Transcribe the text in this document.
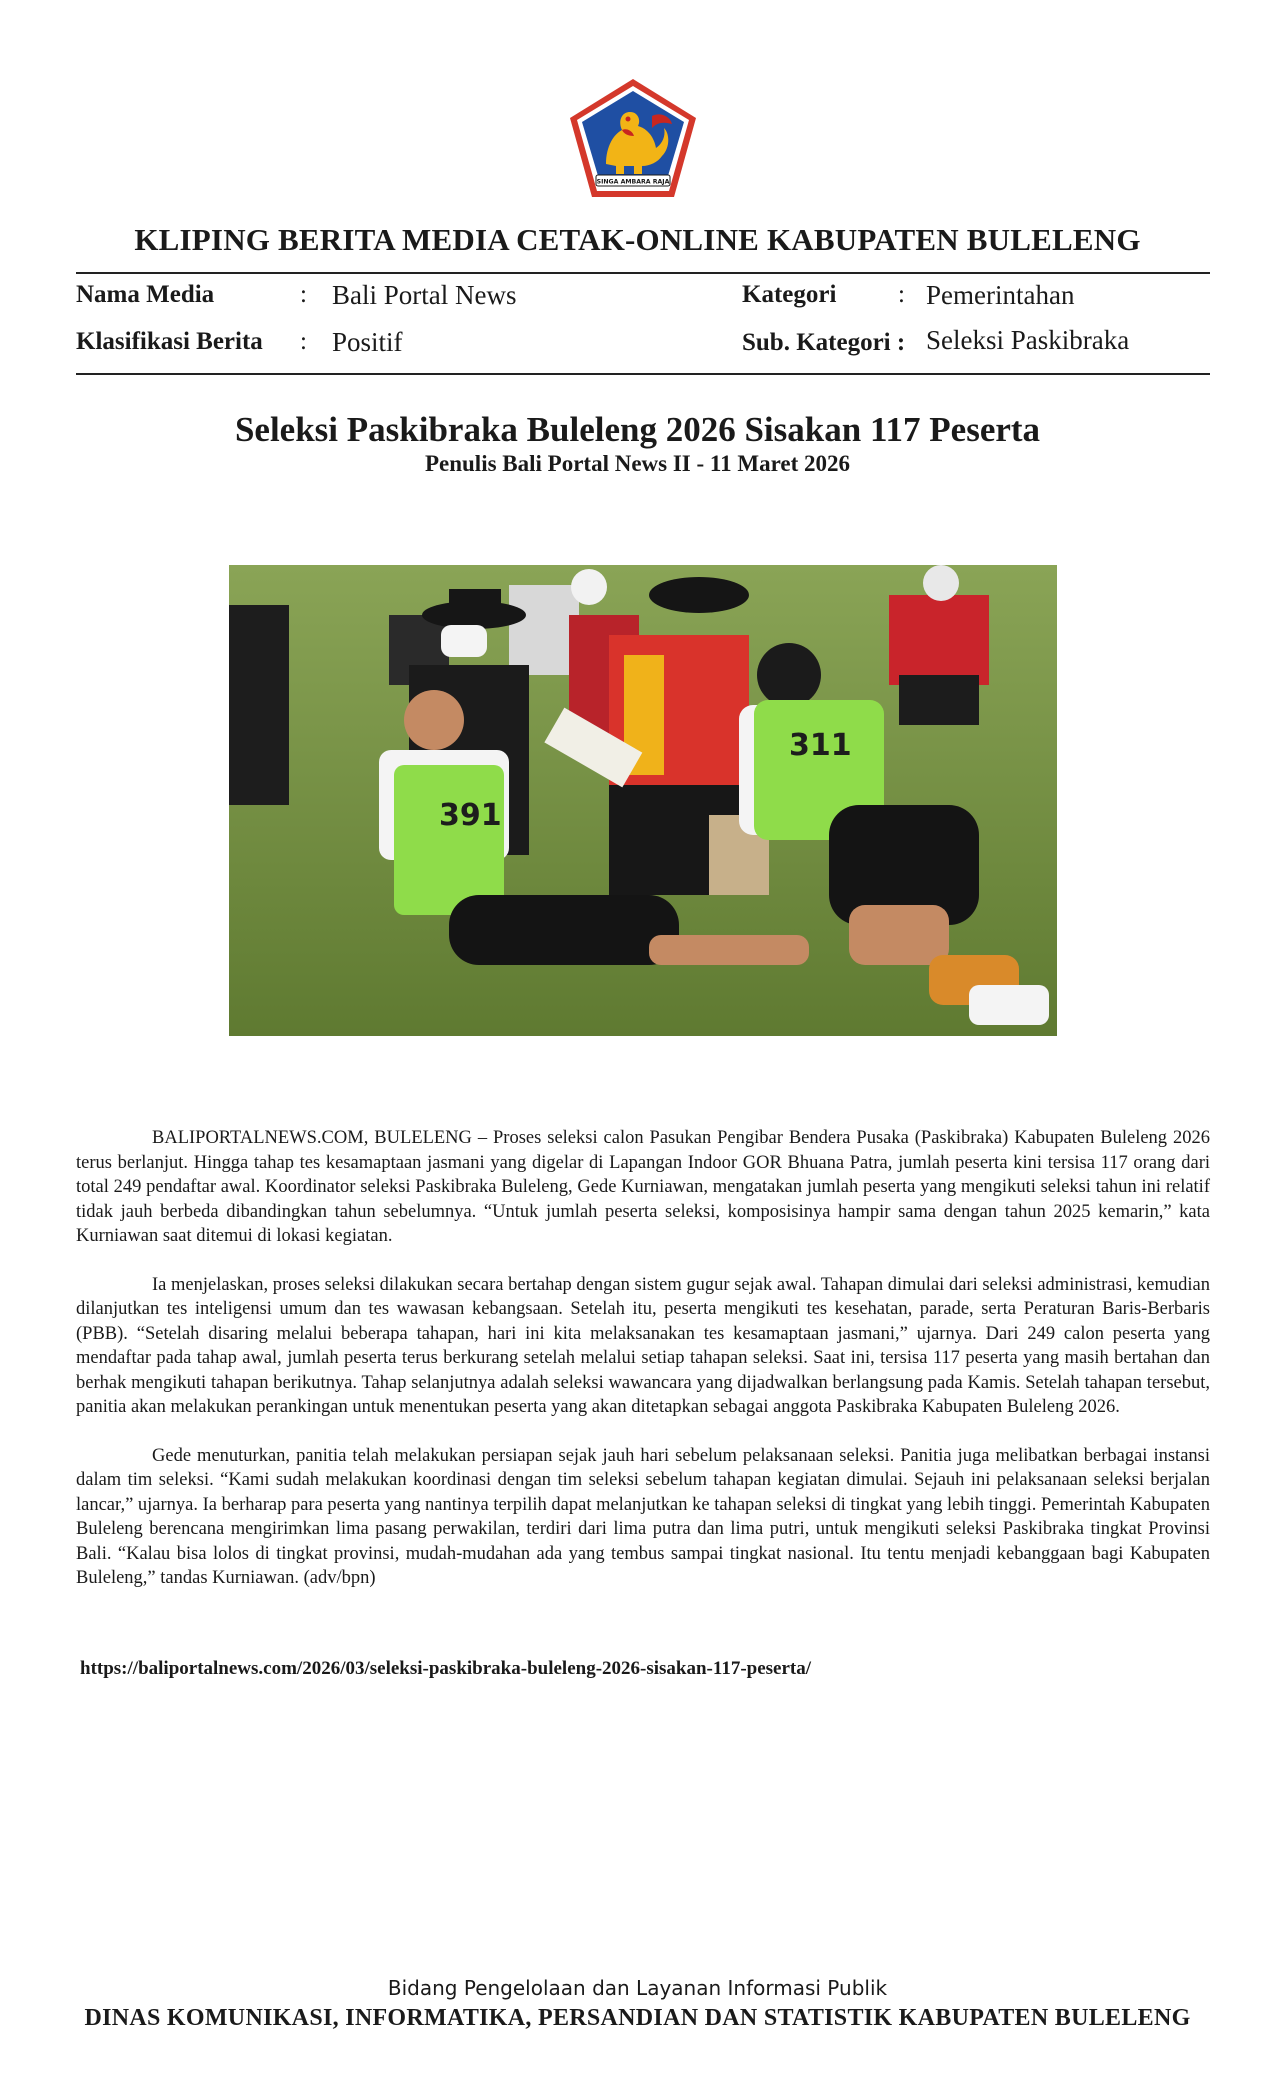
SINGA AMBARA RAJA
KLIPING BERITA MEDIA CETAK-ONLINE KABUPATEN BULELENG
Nama Media	: Bali Portal News	Kategori : Pemerintahan
Klasifikasi Berita : Positif	Sub. Kategori : Seleksi Paskibraka
Seleksi Paskibraka Buleleng 2026 Sisakan 117 Peserta
Penulis Bali Portal News II - 11 Maret 2026
391
311

BALIPORTALNEWS.COM, BULELENG – Proses seleksi calon Pasukan Pengibar Bendera Pusaka (Paskibraka) Kabupaten Buleleng 2026 terus berlanjut. Hingga tahap tes kesamaptaan jasmani yang digelar di Lapangan Indoor GOR Bhuana Patra, jumlah peserta kini tersisa 117 orang dari total 249 pendaftar awal. Koordinator seleksi Paskibraka Buleleng, Gede Kurniawan, mengatakan jumlah peserta yang mengikuti seleksi tahun ini relatif tidak jauh berbeda dibandingkan tahun sebelumnya. “Untuk jumlah peserta seleksi, komposisinya hampir sama dengan tahun 2025 kemarin,” kata Kurniawan saat ditemui di lokasi kegiatan.

Ia menjelaskan, proses seleksi dilakukan secara bertahap dengan sistem gugur sejak awal. Tahapan dimulai dari seleksi administrasi, kemudian dilanjutkan tes inteligensi umum dan tes wawasan kebangsaan. Setelah itu, peserta mengikuti tes kesehatan, parade, serta Peraturan Baris-Berbaris (PBB). “Setelah disaring melalui beberapa tahapan, hari ini kita melaksanakan tes kesamaptaan jasmani,” ujarnya. Dari 249 calon peserta yang mendaftar pada tahap awal, jumlah peserta terus berkurang setelah melalui setiap tahapan seleksi. Saat ini, tersisa 117 peserta yang masih bertahan dan berhak mengikuti tahapan berikutnya. Tahap selanjutnya adalah seleksi wawancara yang dijadwalkan berlangsung pada Kamis. Setelah tahapan tersebut, panitia akan melakukan perankingan untuk menentukan peserta yang akan ditetapkan sebagai anggota Paskibraka Kabupaten Buleleng 2026.

Gede menuturkan, panitia telah melakukan persiapan sejak jauh hari sebelum pelaksanaan seleksi. Panitia juga melibatkan berbagai instansi dalam tim seleksi. “Kami sudah melakukan koordinasi dengan tim seleksi sebelum tahapan kegiatan dimulai. Sejauh ini pelaksanaan seleksi berjalan lancar,” ujarnya. Ia berharap para peserta yang nantinya terpilih dapat melanjutkan ke tahapan seleksi di tingkat yang lebih tinggi. Pemerintah Kabupaten Buleleng berencana mengirimkan lima pasang perwakilan, terdiri dari lima putra dan lima putri, untuk mengikuti seleksi Paskibraka tingkat Provinsi Bali. “Kalau bisa lolos di tingkat provinsi, mudah-mudahan ada yang tembus sampai tingkat nasional. Itu tentu menjadi kebanggaan bagi Kabupaten Buleleng,” tandas Kurniawan. (adv/bpn)

https://baliportalnews.com/2026/03/seleksi-paskibraka-buleleng-2026-sisakan-117-peserta/
Bidang Pengelolaan dan Layanan Informasi Publik
DINAS KOMUNIKASI, INFORMATIKA, PERSANDIAN DAN STATISTIK KABUPATEN BULELENG
